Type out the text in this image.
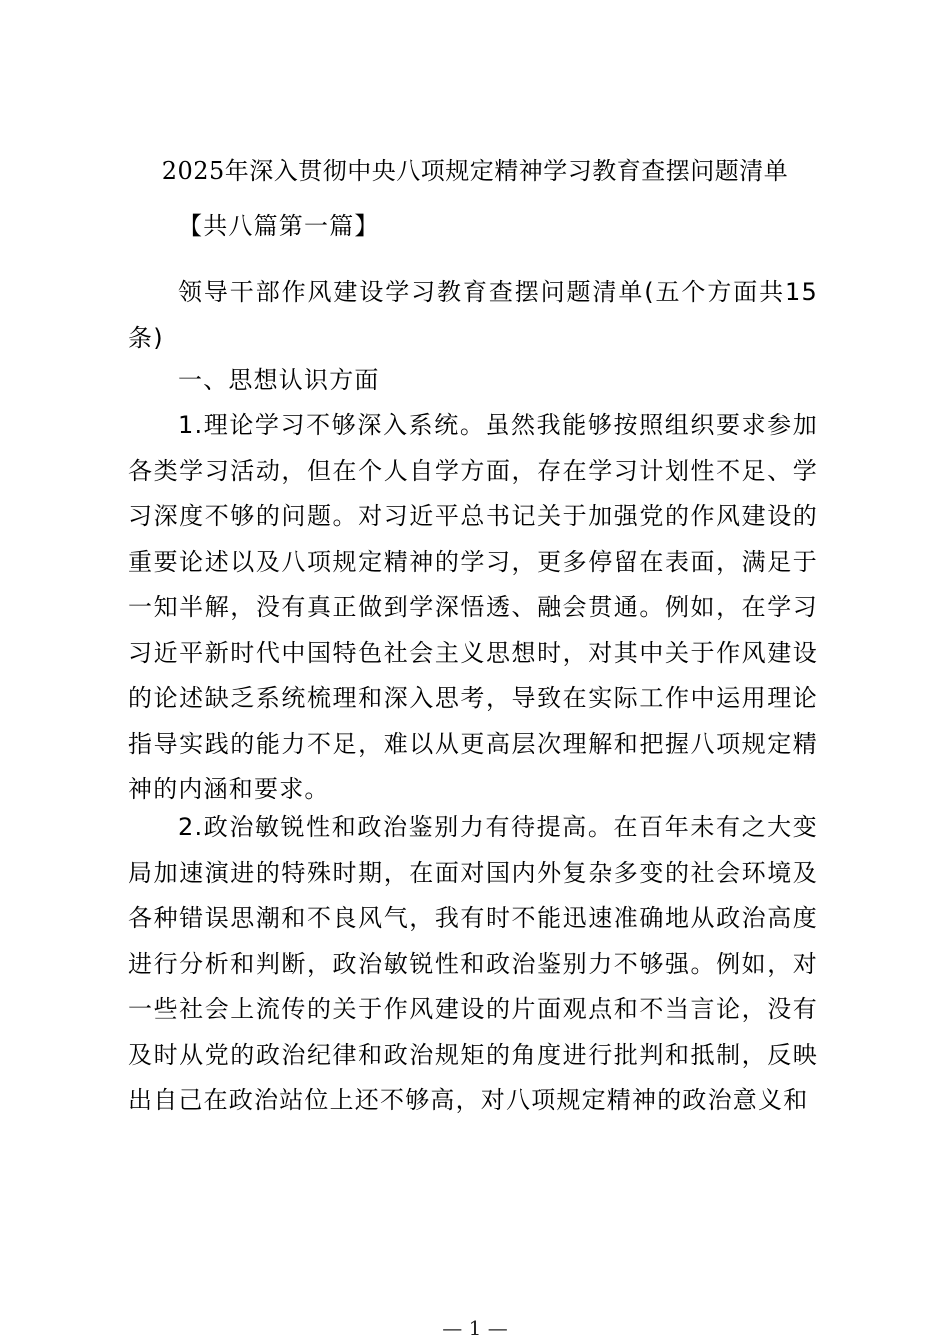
2025年深入贯彻中央八项规定精神学习教育查摆问题清单
【共八篇第一篇】
领导干部作风建设学习教育查摆问题清单(五个方面共15条)
一、思想认识方面
1.理论学习不够深入系统。虽然我能够按照组织要求参加各类学习活动，但在个人自学方面，存在学习计划性不足、学习深度不够的问题。对习近平总书记关于加强党的作风建设的重要论述以及八项规定精神的学习，更多停留在表面，满足于一知半解，没有真正做到学深悟透、融会贯通。例如，在学习习近平新时代中国特色社会主义思想时，对其中关于作风建设的论述缺乏系统梳理和深入思考，导致在实际工作中运用理论指导实践的能力不足，难以从更高层次理解和把握八项规定精神的内涵和要求。
2.政治敏锐性和政治鉴别力有待提高。在百年未有之大变局加速演进的特殊时期，在面对国内外复杂多变的社会环境及各种错误思潮和不良风气，我有时不能迅速准确地从政治高度进行分析和判断，政治敏锐性和政治鉴别力不够强。例如，对一些社会上流传的关于作风建设的片面观点和不当言论，没有及时从党的政治纪律和政治规矩的角度进行批判和抵制，反映出自己在政治站位上还不够高，对八项规定精神的政治意义和
— 1 —
